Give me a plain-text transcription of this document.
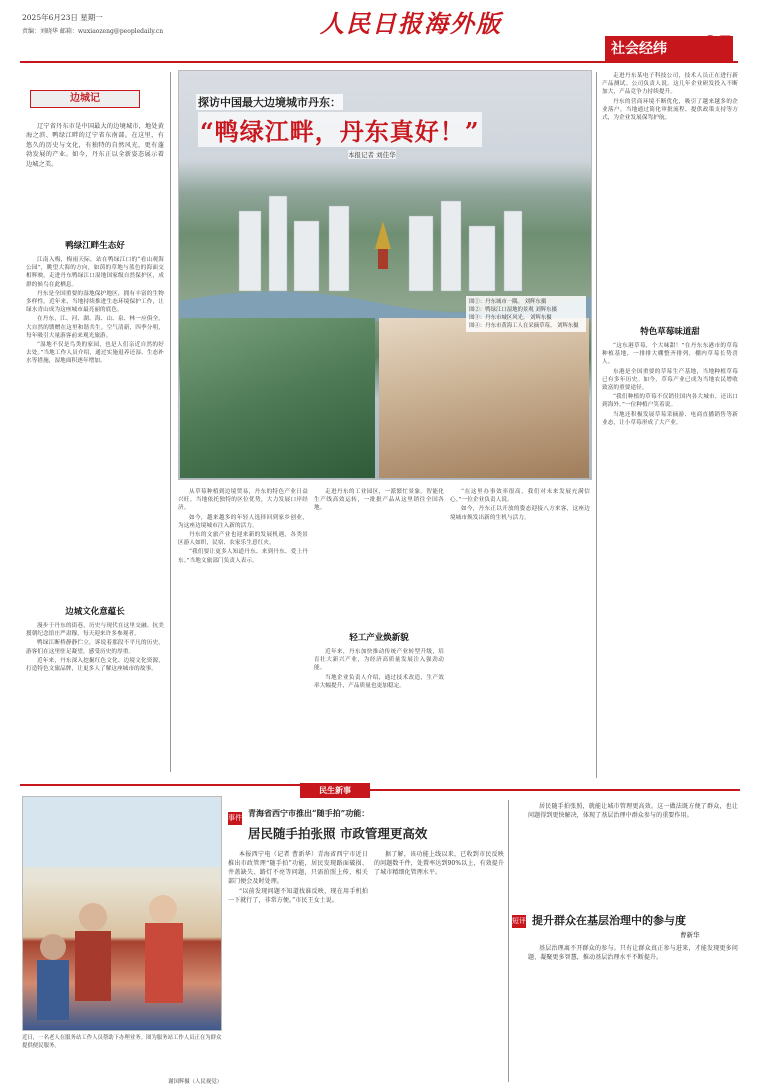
2025年6月23日 星期一
责编：刘晓华 邮箱：wuxiaozeng@peopledaily.cn	人民日报海外版
社会经纬	05
边城记

辽宁省丹东市是中国最大的边境城市，地处黄海之滨、鸭绿江畔的辽宁省东南部。在这里，有悠久的历史与文化，有独特的自然风光，更有蓬勃发展的产业。如今，丹东正以全新姿态展示着边城之美。

鸭绿江畔生态好

江南入梅，梅雨天际。站在鸭绿江口的“看山观海公园”，眺望大海的方向，如茵的草地与蓝色的海面交相辉映。走进丹东鸭绿江口湿地国家级自然保护区，成群的候鸟在此栖息。

丹东是全国重要的湿地保护地区，拥有丰富的生物多样性。近年来，当地持续推进生态环境保护工作，让绿水青山成为这座城市最亮丽的底色。

在丹东，江、河、湖、海、山、泉、林一应俱全。大自然的馈赠在这里和谐共生。空气清新，四季分明，每年吸引大量游客前来观光旅游。

“湿地不仅是鸟类的家园，也是人们亲近自然的好去处。”当地工作人员介绍，通过实施退养还湿、生态补水等措施，湿地面积逐年增加。

边城文化意蕴长

漫步于丹东的街巷，历史与现代在这里交融。抗美援朝纪念馆庄严肃穆，每天迎来许多参观者。

鸭绿江断桥静静伫立，诉说着那段不平凡的历史。游客们在这里驻足凝望，感受历史的厚重。

近年来，丹东深入挖掘红色文化、边境文化资源，打造特色文旅品牌，让更多人了解这座城市的故事。

探访中国最大边境城市丹东：
“鸭绿江畔，丹东真好！”
本报记者 刘佳华
图①：丹东城市一隅。 刘辉东摄
图②：鸭绿江口湿地的景观 刘辉东摄
图③：丹东市城区风光。 刘辉东摄
图④：丹东市黄海工人在采摘草莓。 刘辉东摄

从草莓种植到边境贸易，丹东的特色产业日益兴旺。当地依托独特的区位优势，大力发展口岸经济。

如今，越来越多的年轻人选择回到家乡创业，为这座边境城市注入新的活力。

丹东的文旅产业也迎来新的发展机遇，各类景区游人如织，民宿、农家乐生意红火。

“我们要让更多人知道丹东、来到丹东、爱上丹东。”当地文旅部门负责人表示。

走进丹东的工业园区，一派繁忙景象。智能化生产线高效运转，一批批产品从这里销往全国各地。

轻工产业焕新貌

近年来，丹东加快推动传统产业转型升级，培育壮大新兴产业，为经济高质量发展注入强劲动能。

当地企业负责人介绍，通过技术改造，生产效率大幅提升，产品质量也更加稳定。

“在这里办事效率很高，我们对未来发展充满信心。”一位企业负责人说。

如今，丹东正以开放的姿态迎接八方来客，这座边境城市焕发出新的生机与活力。

走进丹东某电子科技公司，技术人员正在进行新产品测试。公司负责人说，这几年企业研发投入不断加大，产品竞争力持续提升。

丹东的营商环境不断优化，吸引了越来越多的企业落户。当地通过简化审批流程、提供政策支持等方式，为企业发展保驾护航。

特色草莓味道甜

“这东港草莓，个大味甜！”在丹东东港市的草莓种植基地，一排排大棚整齐排列，棚内草莓长势喜人。

东港是全国重要的草莓生产基地，当地种植草莓已有多年历史。如今，草莓产业已成为当地农民增收致富的重要途径。

“我们种植的草莓不仅销往国内各大城市，还出口到海外。”一位种植户笑着说。

当地还积极发展草莓采摘游、电商直播销售等新业态，让小草莓形成了大产业。

民生新事
近日，一名老人在服务站工作人员帮助下办理业务。图为服务站工作人员正在为群众提供便民服务。
谢国辉摄（人民视觉）
事件 青海省西宁市推出“随手拍”功能：
居民随手拍张照 市政管理更高效

本报西宁电（记者 曹新华）青海省西宁市近日推出市政管理“随手拍”功能，居民发现路面破损、井盖缺失、路灯不亮等问题，只需拍照上传，相关部门便会及时处理。

“以前发现问题不知道找谁反映，现在用手机拍一下就行了，非常方便。”市民王女士说。

据了解，该功能上线以来，已收到市民反映的问题数千件，处置率达到90%以上，有效提升了城市精细化管理水平。

居民随手拍张照，就能让城市管理更高效。这一做法既方便了群众，也让问题得到更快解决，体现了基层治理中群众参与的重要作用。

短评 提升群众在基层治理中的参与度
曹新华

基层治理离不开群众的参与。只有让群众真正参与进来，才能发现更多问题、凝聚更多智慧，推动基层治理水平不断提升。
